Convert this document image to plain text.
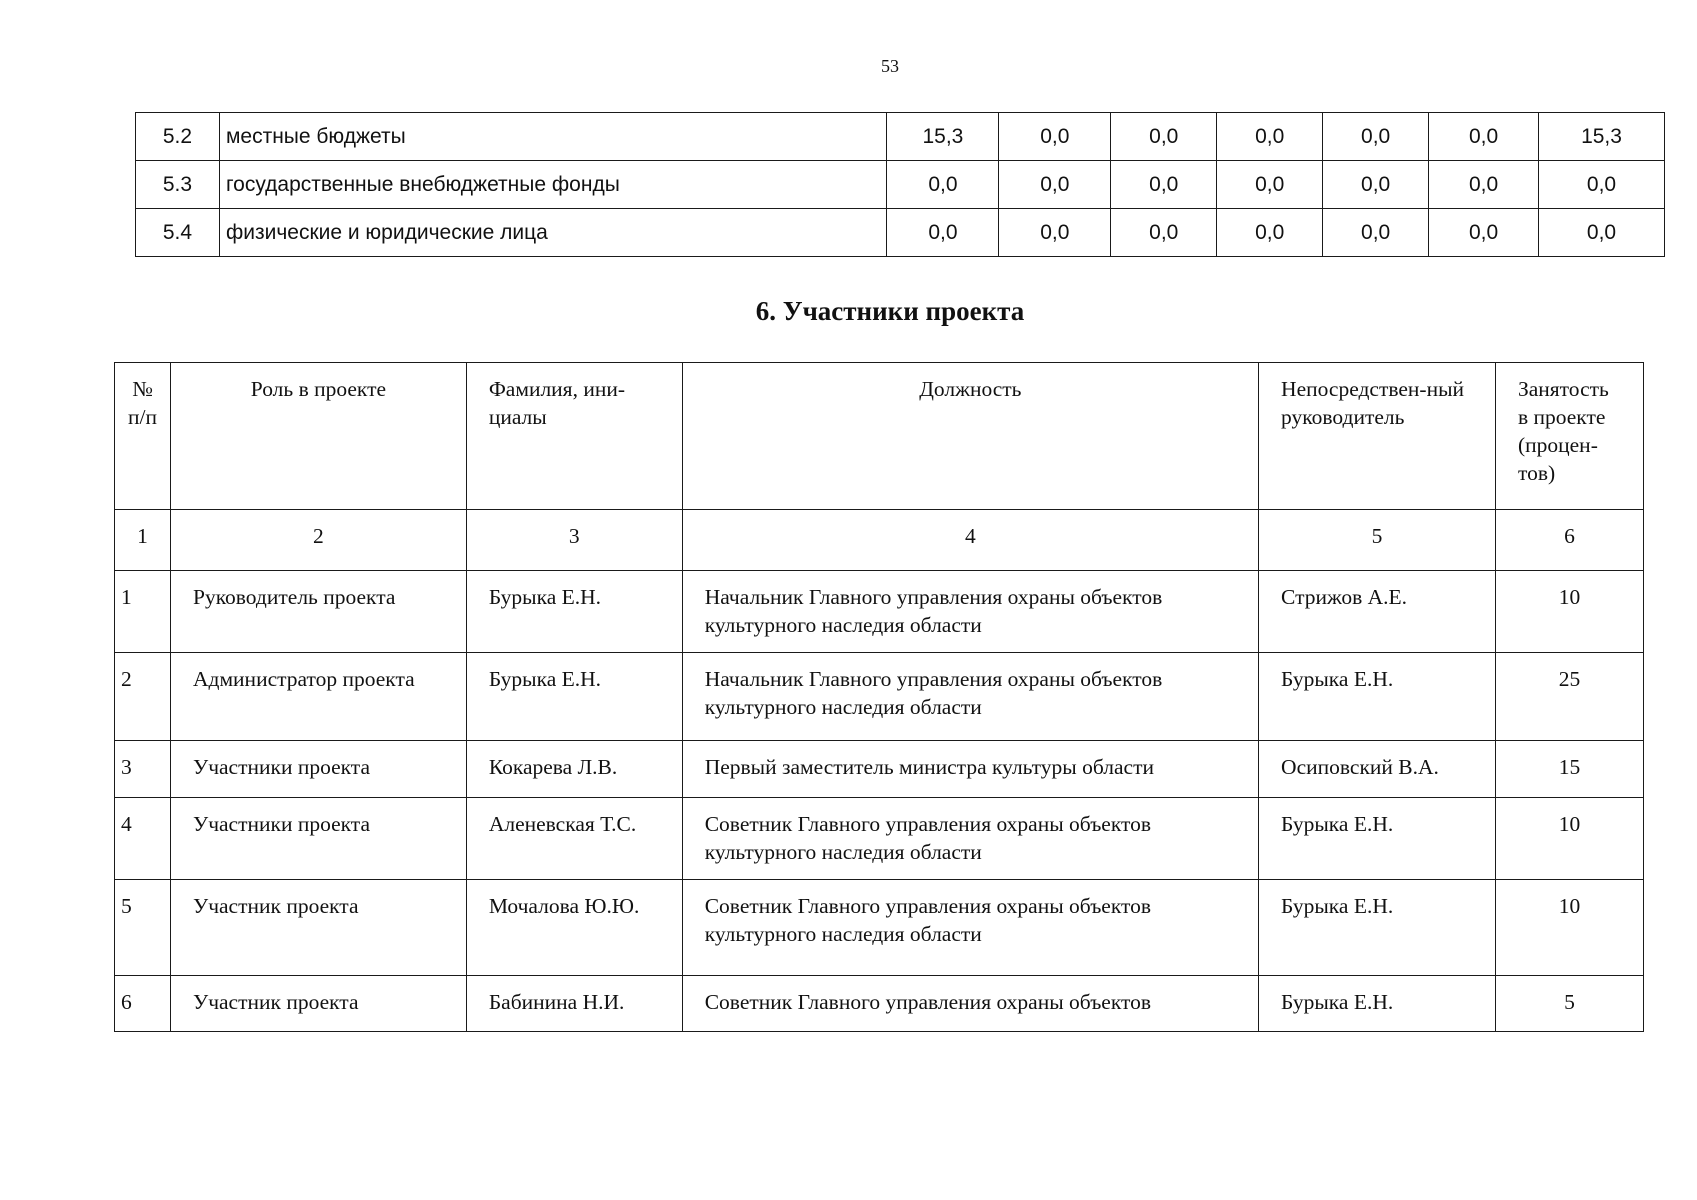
53
5.2	местные бюджеты	15,3	0,0	0,0	0,0	0,0	0,0	15,3
5.3	государственные внебюджетные фонды	0,0	0,0	0,0	0,0	0,0	0,0	0,0
5.4	физические и юридические лица	0,0	0,0	0,0	0,0	0,0	0,0	0,0
6. Участники проекта
№ п/п	Роль в проекте	Фамилия, ини-циалы	Должность	Непосредствен-ный руководитель	Занятость в проекте (процен-тов)
1	2	3	4	5	6
1	Руководитель проекта	Бурыка Е.Н.	Начальник Главного управления охраны объектов культурного наследия области	Стрижов А.Е.	10
2	Администратор проекта	Бурыка Е.Н.	Начальник Главного управления охраны объектов культурного наследия области	Бурыка Е.Н.	25
3	Участники проекта	Кокарева Л.В.	Первый заместитель министра культуры области	Осиповский В.А.	15
4	Участники проекта	Аленевская Т.С.	Советник Главного управления охраны объектов культурного наследия области	Бурыка Е.Н.	10
5	Участник проекта	Мочалова Ю.Ю.	Советник Главного управления охраны объектов культурного наследия области	Бурыка Е.Н.	10
6	Участник проекта	Бабинина Н.И.	Советник Главного управления охраны объектов	Бурыка Е.Н.	5
